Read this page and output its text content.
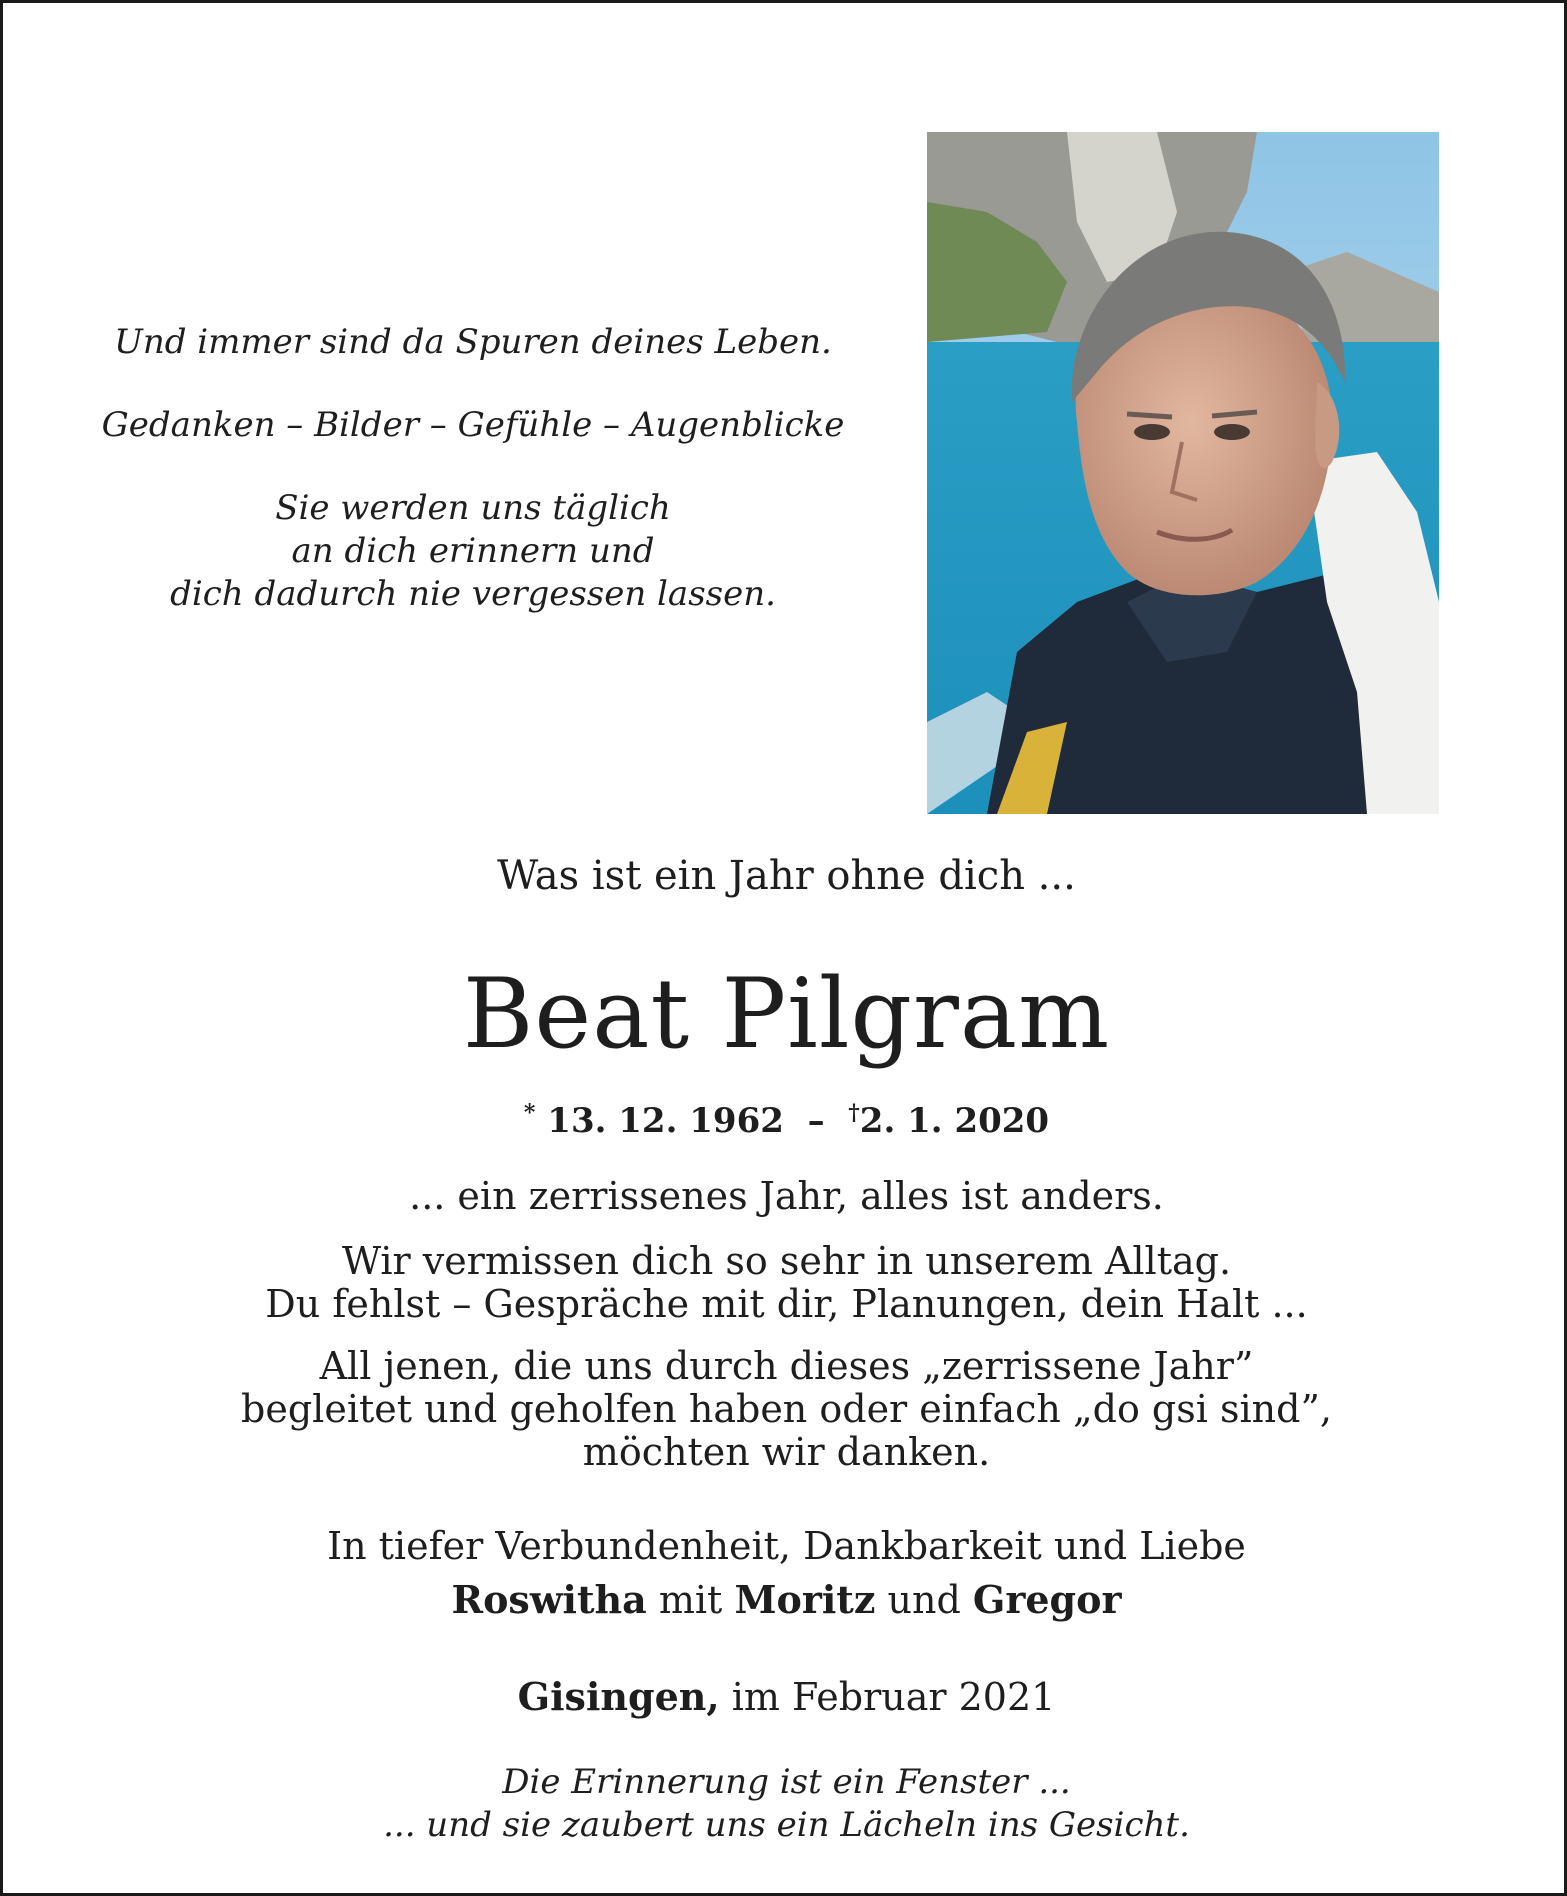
Und immer sind da Spuren deines Leben.
Gedanken – Bilder – Gefühle – Augenblicke
Sie werden uns täglich
an dich erinnern und
dich dadurch nie vergessen lassen.
Was ist ein Jahr ohne dich ...
Beat Pilgram
* 13. 12. 1962 – †2. 1. 2020
... ein zerrissenes Jahr, alles ist anders.
Wir vermissen dich so sehr in unserem Alltag.
Du fehlst – Gespräche mit dir, Planungen, dein Halt ...
All jenen, die uns durch dieses „zerrissene Jahr”
begleitet und geholfen haben oder einfach „do gsi sind”,
möchten wir danken.
In tiefer Verbundenheit, Dankbarkeit und Liebe
Roswitha mit Moritz und Gregor
Gisingen, im Februar 2021
Die Erinnerung ist ein Fenster ...
... und sie zaubert uns ein Lächeln ins Gesicht.
